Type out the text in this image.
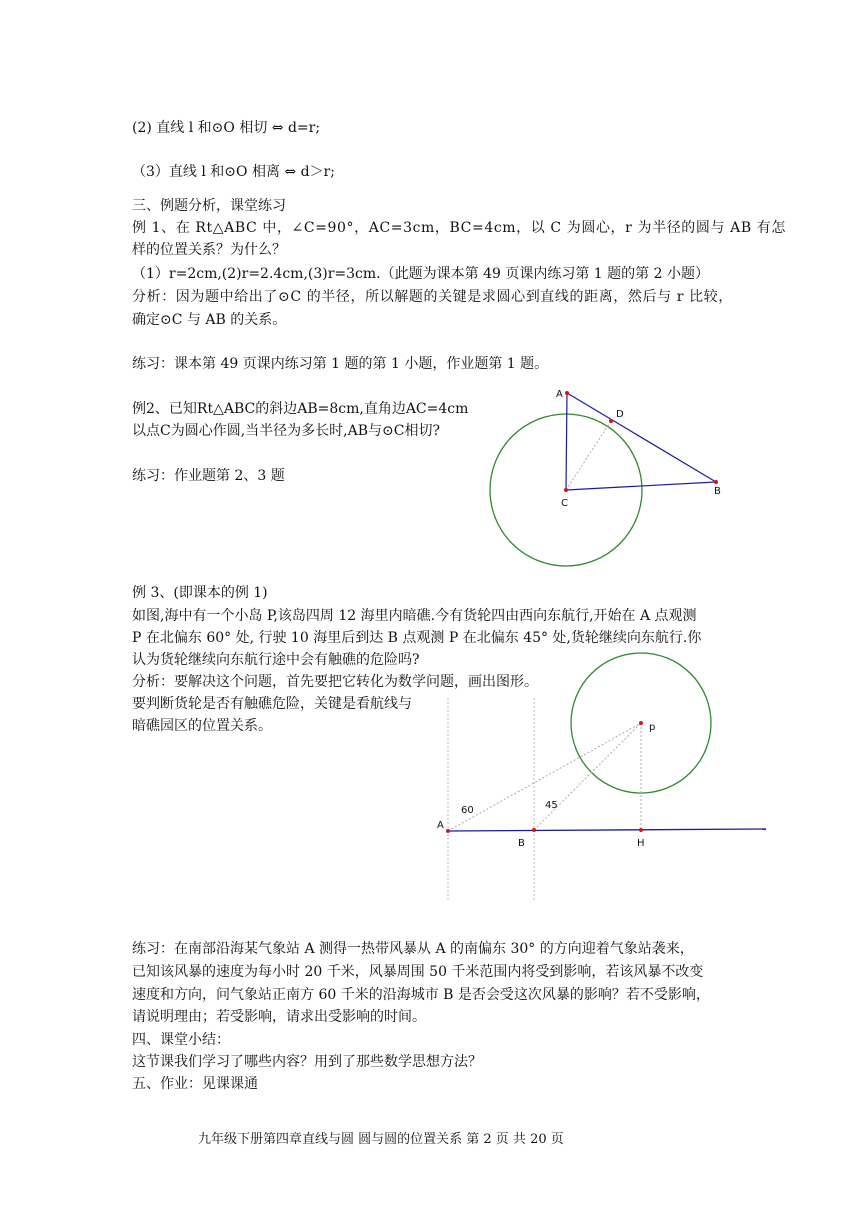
(2) 直线 l 和⊙O 相切 ⇔ d=r;
（3）直线 l 和⊙O 相离 ⇔ d＞r;
三、例题分析，课堂练习
例 1、在 Rt△ABC 中，∠C=90°，AC=3cm，BC=4cm，以 C 为圆心，r 为半径的圆与 AB 有怎
样的位置关系？为什么？
（1）r=2cm,(2)r=2.4cm,(3)r=3cm.（此题为课本第 49 页课内练习第 1 题的第 2 小题）
分析：因为题中给出了⊙C 的半径，所以解题的关键是求圆心到直线的距离，然后与 r 比较，
确定⊙C 与 AB 的关系。
练习：课本第 49 页课内练习第 1 题的第 1 小题，作业题第 1 题。
例2、已知Rt△ABC的斜边AB=8cm,直角边AC=4cm
以点C为圆心作圆,当半径为多长时,AB与⊙C相切?
练习：作业题第 2、3 题
A
D
C
B
例 3、(即课本的例 1)
如图,海中有一个小岛 P,该岛四周 12 海里内暗礁.今有货轮四由西向东航行,开始在 A 点观测
P 在北偏东 60° 处, 行驶 10 海里后到达 B 点观测 P 在北偏东 45° 处,货轮继续向东航行.你
认为货轮继续向东航行途中会有触礁的危险吗?
分析：要解决这个问题，首先要把它转化为数学问题，画出图形。
要判断货轮是否有触礁危险，关键是看航线与
暗礁园区的位置关系。	p
A
B	H
60	45
练习：在南部沿海某气象站 A 测得一热带风暴从 A 的南偏东 30° 的方向迎着气象站袭来，
已知该风暴的速度为每小时 20 千米，风暴周围 50 千米范围内将受到影响，若该风暴不改变
速度和方向，问气象站正南方 60 千米的沿海城市 B 是否会受这次风暴的影响？若不受影响，
请说明理由；若受影响，请求出受影响的时间。
四、课堂小结：
这节课我们学习了哪些内容？用到了那些数学思想方法？
五、作业：见课课通
九年级下册第四章直线与圆 圆与圆的位置关系 第 2 页 共 20 页
